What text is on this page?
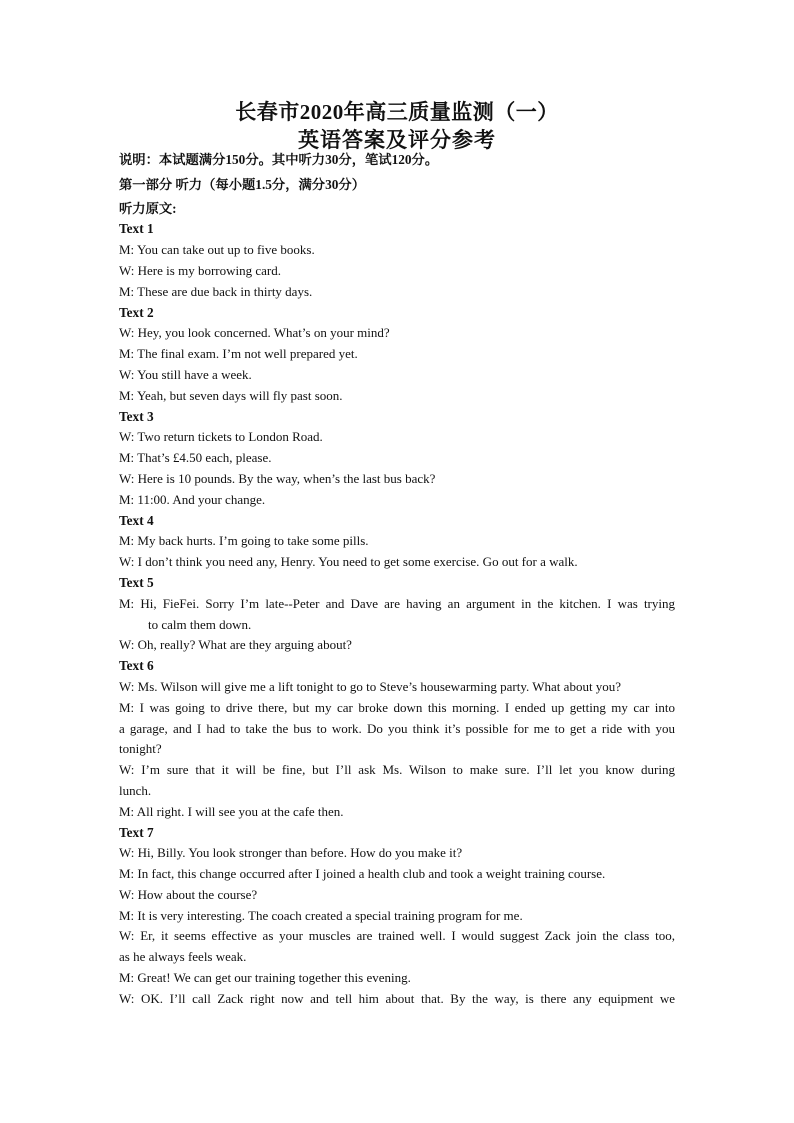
长春市2020年高三质量监测（一）
英语答案及评分参考

说明：本试题满分150分。其中听力30分，笔试120分。

第一部分 听力（每小题1.5分，满分30分）

听力原文:

Text 1

M: You can take out up to five books.

W: Here is my borrowing card.

M: These are due back in thirty days.

Text 2

W: Hey, you look concerned. What’s on your mind?

M: The final exam. I’m not well prepared yet.

W: You still have a week.

M: Yeah, but seven days will fly past soon.

Text 3

W: Two return tickets to London Road.

M: That’s £4.50 each, please.

W: Here is 10 pounds. By the way, when’s the last bus back?

M: 11:00. And your change.

Text 4

M: My back hurts. I’m going to take some pills.

W: I don’t think you need any, Henry. You need to get some exercise. Go out for a walk.

Text 5

M: Hi, FieFei. Sorry I’m late--Peter and Dave are having an argument in the kitchen. I was trying

to calm them down.

W: Oh, really? What are they arguing about?

Text 6

W: Ms. Wilson will give me a lift tonight to go to Steve’s housewarming party. What about you?

M: I was going to drive there, but my car broke down this morning. I ended up getting my car into

a garage, and I had to take the bus to work. Do you think it’s possible for me to get a ride with you

tonight?

W: I’m sure that it will be fine, but I’ll ask Ms. Wilson to make sure. I’ll let you know during

lunch.

M: All right. I will see you at the cafe then.

Text 7

W: Hi, Billy. You look stronger than before. How do you make it?

M: In fact, this change occurred after I joined a health club and took a weight training course.

W: How about the course?

M: It is very interesting. The coach created a special training program for me.

W: Er, it seems effective as your muscles are trained well. I would suggest Zack join the class too,

as he always feels weak.

M: Great! We can get our training together this evening.

W: OK. I’ll call Zack right now and tell him about that. By the way, is there any equipment we
